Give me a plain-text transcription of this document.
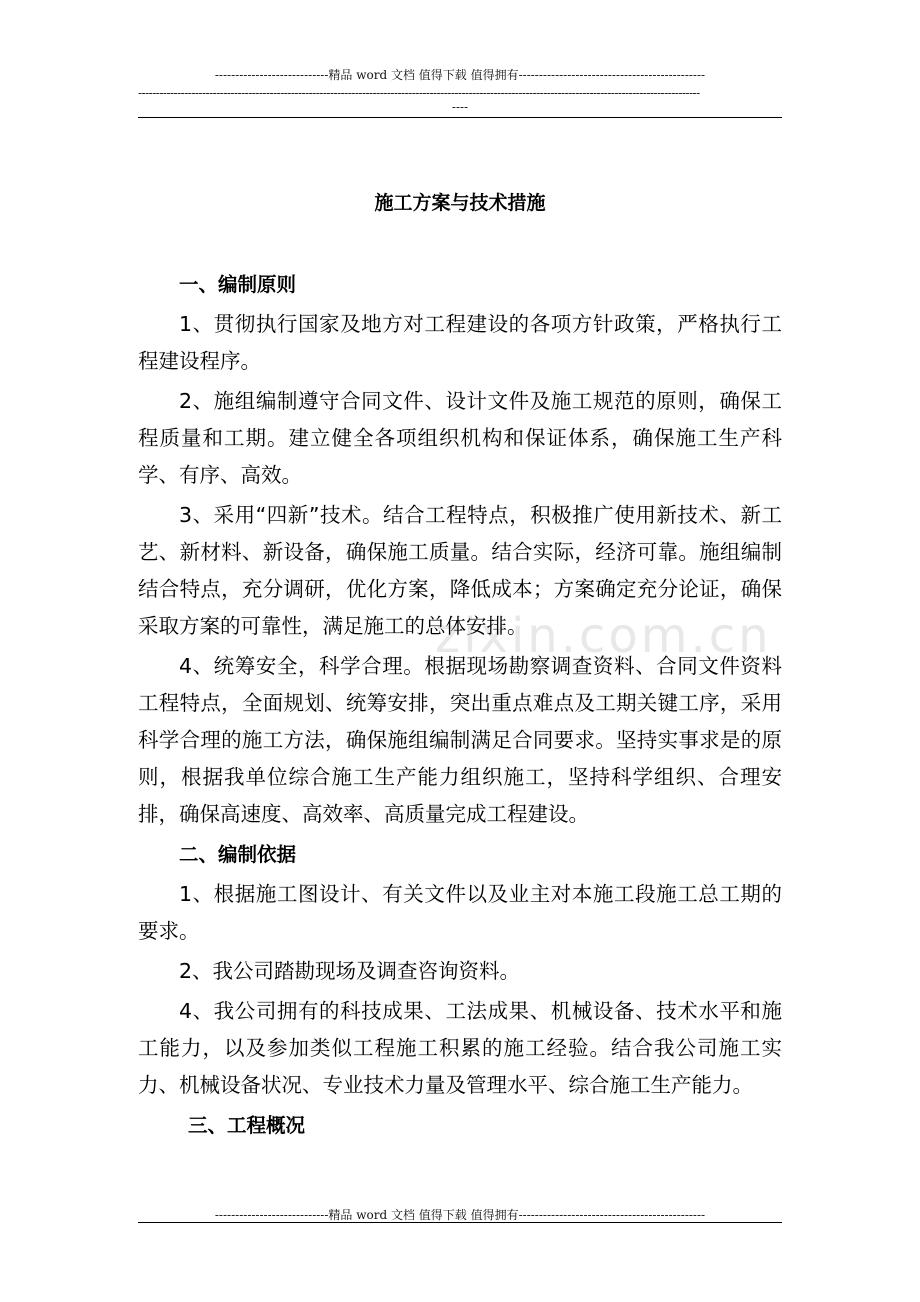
----------------------------精品 word 文档 值得下载 值得拥有----------------------------------------------
--------------------------------------------------------------------------------------------------------------------------------------------------------------
----
施工方案与技术措施
zixin.com.cn
一、编制原则

1、贯彻执行国家及地方对工程建设的各项方针政策，严格执行工程建设程序。

2、施组编制遵守合同文件、设计文件及施工规范的原则，确保工程质量和工期。建立健全各项组织机构和保证体系，确保施工生产科学、有序、高效。

3、采用“四新”技术。结合工程特点，积极推广使用新技术、新工艺、新材料、新设备，确保施工质量。结合实际，经济可靠。施组编制结合特点，充分调研，优化方案，降低成本；方案确定充分论证，确保采取方案的可靠性，满足施工的总体安排。

4、统筹安全，科学合理。根据现场勘察调查资料、合同文件资料工程特点，全面规划、统筹安排，突出重点难点及工期关键工序，采用科学合理的施工方法，确保施组编制满足合同要求。坚持实事求是的原则，根据我单位综合施工生产能力组织施工，坚持科学组织、合理安排，确保高速度、高效率、高质量完成工程建设。

二、编制依据

1、根据施工图设计、有关文件以及业主对本施工段施工总工期的要求。

2、我公司踏勘现场及调查咨询资料。

4、我公司拥有的科技成果、工法成果、机械设备、技术水平和施工能力，以及参加类似工程施工积累的施工经验。结合我公司施工实力、机械设备状况、专业技术力量及管理水平、综合施工生产能力。

三、工程概况
----------------------------精品 word 文档 值得下载 值得拥有----------------------------------------------
